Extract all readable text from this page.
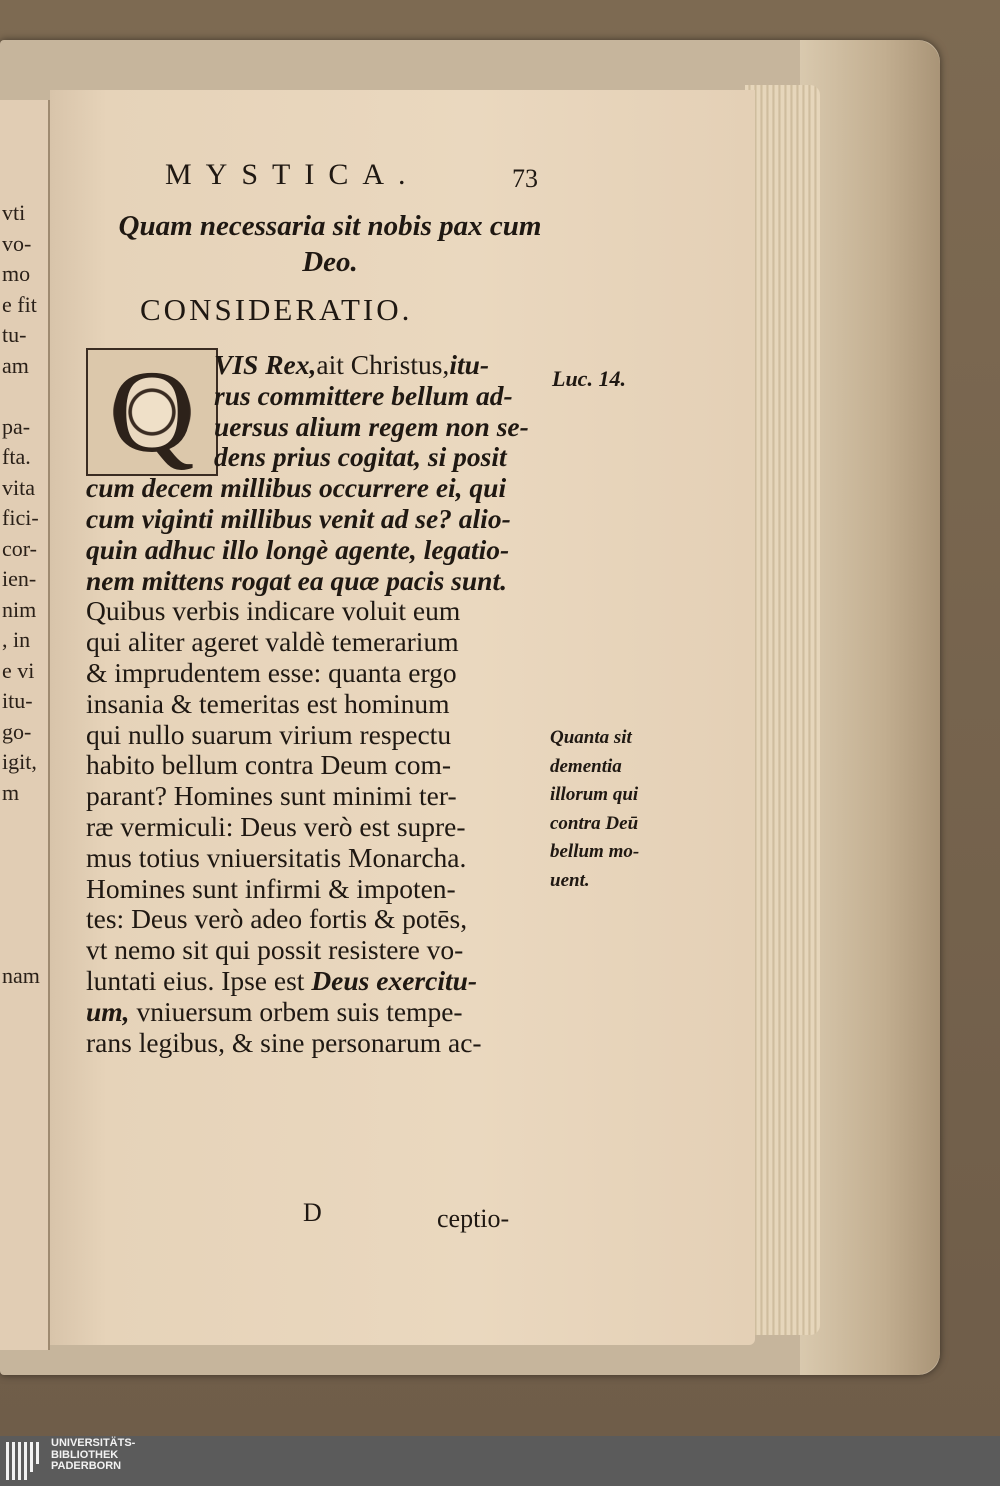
vti
vo-
mo
e fit
tu-
am

pa-
fta.
vita
fici-
cor-
ien-
nim
, in
e vi
itu-
go-
igit,
m

nam
MYSTICA.	73
Quam necessaria sit nobis pax cum
Deo.
CONSIDERATIO.
Q VIS Rex,ait Christus,itu-
rus committere bellum ad-
uersus alium regem non se-
dens prius cogitat, si posit
cum decem millibus occurrere ei, qui
cum viginti millibus venit ad se? alio-
quin adhuc illo longè agente, legatio-
nem mittens rogat ea quæ pacis sunt.
Quibus verbis indicare voluit eum
qui aliter ageret valdè temerarium
& imprudentem esse: quanta ergo
insania & temeritas est hominum
qui nullo suarum virium respectu
habito bellum contra Deum com-
parant? Homines sunt minimi ter-
ræ vermiculi: Deus verò est supre-
mus totius vniuersitatis Monarcha.
Homines sunt infirmi & impoten-
tes: Deus verò adeo fortis & potēs,
vt nemo sit qui possit resistere vo-
luntati eius. Ipse est Deus exercitu-
um, vniuersum orbem suis tempe-
rans legibus, & sine personarum ac-
Luc. 14.
Quanta sit
dementia
illorum qui
contra Deū
bellum mo-
uent.
D	ceptio-
UNIVERSITÄTS-
BIBLIOTHEK
PADERBORN
